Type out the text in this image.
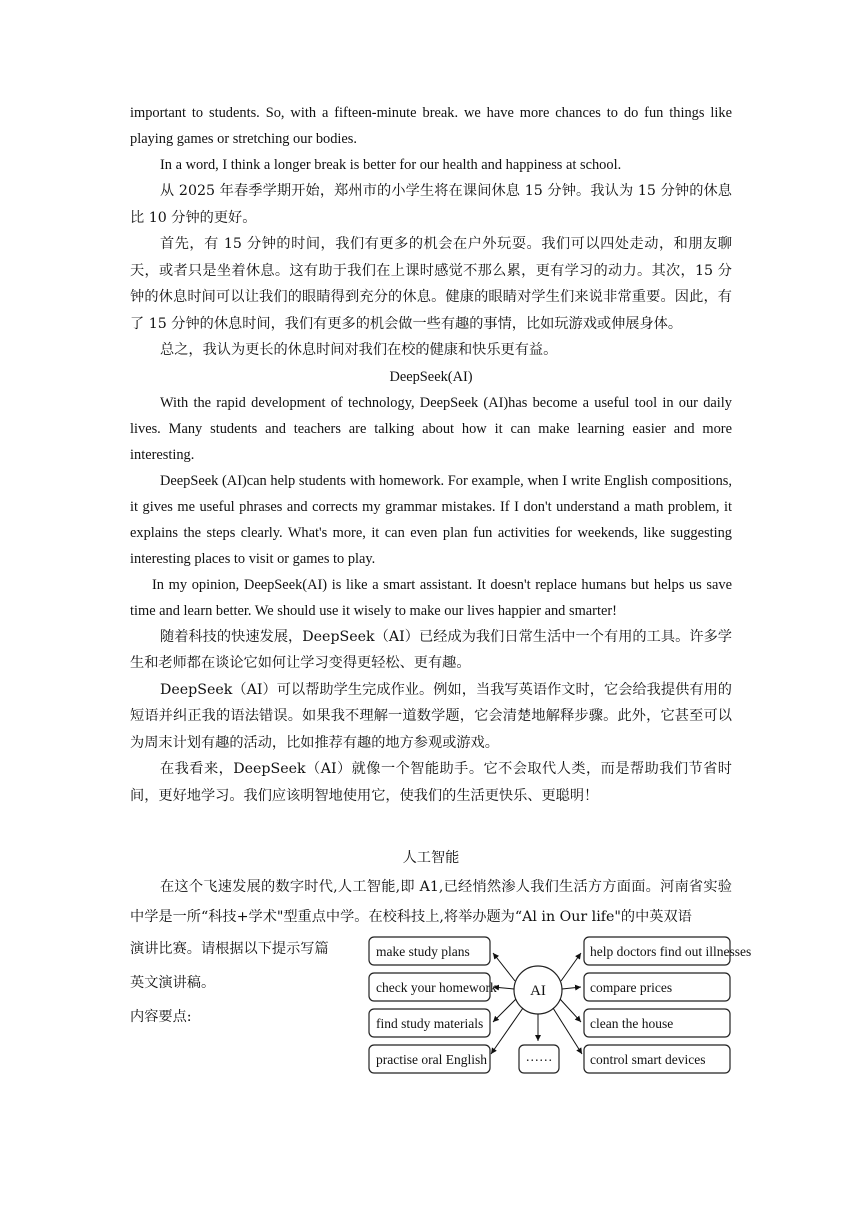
important to students. So, with a fifteen-minute break. we have more chances to do fun things like playing games or stretching our bodies.

In a word, I think a longer break is better for our health and happiness at school.

从 2025 年春季学期开始，郑州市的小学生将在课间休息 15 分钟。我认为 15 分钟的休息比 10 分钟的更好。

首先，有 15 分钟的时间，我们有更多的机会在户外玩耍。我们可以四处走动，和朋友聊天，或者只是坐着休息。这有助于我们在上课时感觉不那么累，更有学习的动力。其次，15 分钟的休息时间可以让我们的眼睛得到充分的休息。健康的眼睛对学生们来说非常重要。因此，有了 15 分钟的休息时间，我们有更多的机会做一些有趣的事情，比如玩游戏或伸展身体。

总之，我认为更长的休息时间对我们在校的健康和快乐更有益。

DeepSeek(AI)

With the rapid development of technology, DeepSeek (AI)has become a useful tool in our daily lives. Many students and teachers are talking about how it can make learning easier and more interesting.

DeepSeek (AI)can help students with homework. For example, when I write English compositions, it gives me useful phrases and corrects my grammar mistakes. If I don't understand a math problem, it explains the steps clearly. What's more, it can even plan fun activities for weekends, like suggesting interesting places to visit or games to play.

In my opinion, DeepSeek(AI) is like a smart assistant. It doesn't replace humans but helps us save time and learn better. We should use it wisely to make our lives happier and smarter!

随着科技的快速发展，DeepSeek（AI）已经成为我们日常生活中一个有用的工具。许多学生和老师都在谈论它如何让学习变得更轻松、更有趣。

DeepSeek（AI）可以帮助学生完成作业。例如，当我写英语作文时，它会给我提供有用的短语并纠正我的语法错误。如果我不理解一道数学题，它会清楚地解释步骤。此外，它甚至可以为周末计划有趣的活动，比如推荐有趣的地方参观或游戏。

在我看来，DeepSeek（AI）就像一个智能助手。它不会取代人类，而是帮助我们节省时间，更好地学习。我们应该明智地使用它，使我们的生活更快乐、更聪明！

人工智能

在这个飞速发展的数字时代,人工智能,即 A1,已经悄然渗人我们生活方方面面。河南省实验中学是一所“科技+学术"型重点中学。在校科技上,将举办题为“Al in Our life"的中英双语

演讲比赛。请根据以下提示写篇

英文演讲稿。

内容要点:

make study plans
check your homework
find study materials
practise oral English
help doctors find out illnesses
compare prices
clean the house
control smart devices
……
AI
